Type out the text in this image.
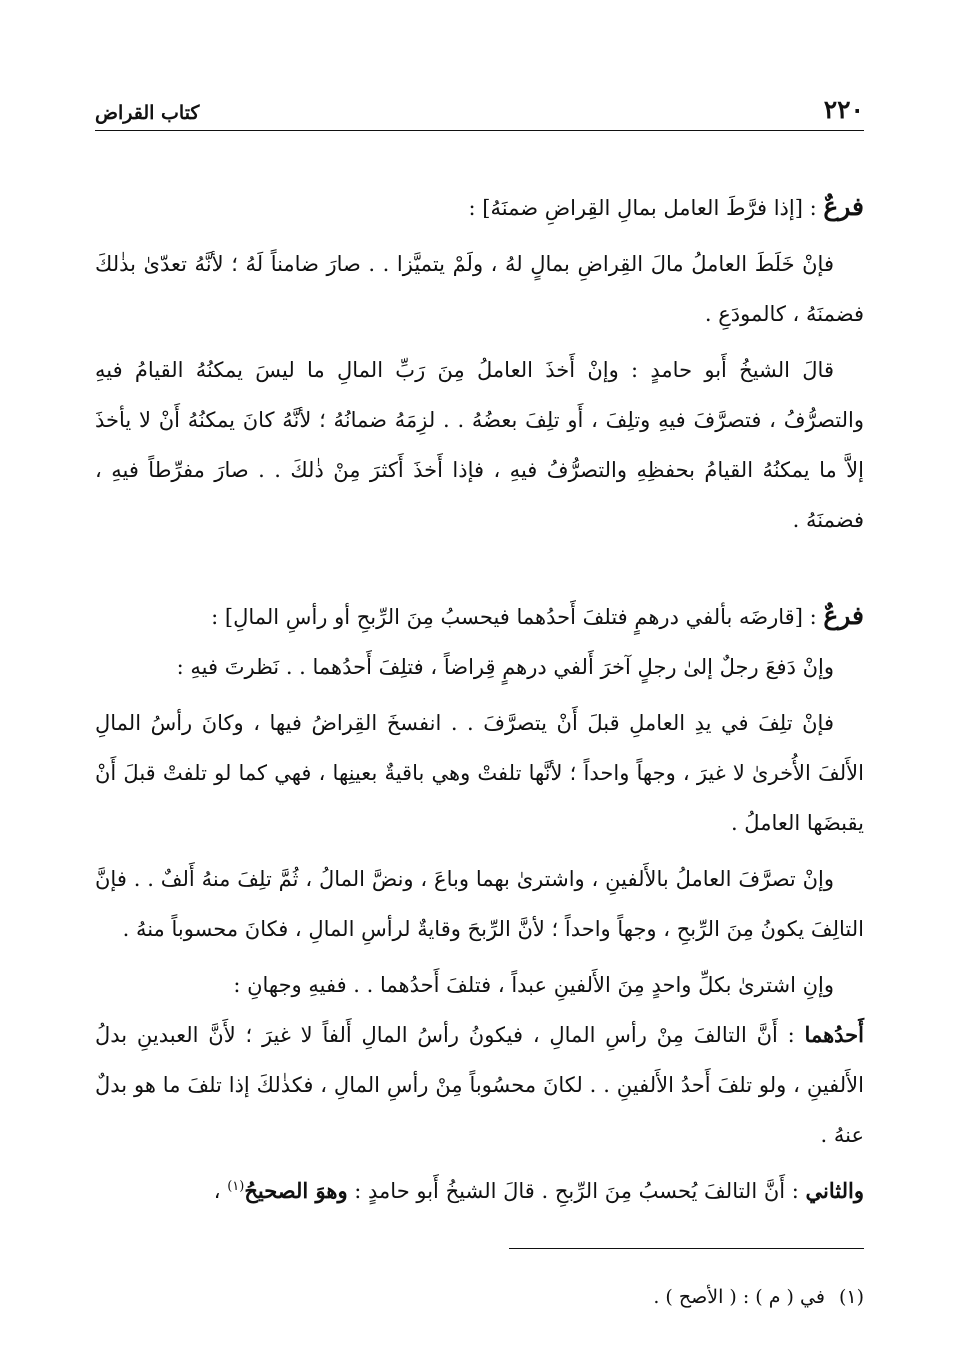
٢٢٠
كتاب القراض

فرعٌ : [إذا فرَّطَ العامل بمالِ القِراضِ ضمنَهُ] :

فإنْ خَلَطَ العاملُ مالَ القِراضِ بمالٍ لهُ ، ولَمْ يتميَّزا . . صارَ ضامناً لَهُ ؛ لأنَّهُ تعدّىٰ بذٰلكَ فضمنَهُ ، كالمودَعِ .

قالَ الشيخُ أَبو حامدٍ : وإنْ أَخذَ العاملُ مِنَ رَبِّ المالِ ما ليسَ يمكنُهُ القيامُ فيهِ والتصرُّفُ ، فتصرَّفَ فيهِ وتلِفَ ، أَو تلِفَ بعضُهُ . . لزِمَهُ ضمانُهُ ؛ لأنَّهُ كانَ يمكنُهُ أَنْ لا يأخذَ إلاَّ ما يمكنُهُ القيامُ بحفظِهِ والتصرُّفُ فيهِ ، فإذا أَخذَ أَكثرَ مِنْ ذٰلكَ . . صارَ مفرِّطاً فيهِ ، فضمنَهُ .

فرعٌ : [قارضَه بألفي درهمٍ فتلفَ أَحدُهما فيحسبُ مِنَ الرِّبحِ أو رأسِ المالِ] :

وإنْ دَفعَ رجلٌ إلىٰ رجلٍ آخرَ أَلفي درهمٍ قِراضاً ، فتلِفَ أَحدُهما . . نَظرتَ فيهِ :

فإنْ تلِفَ في يدِ العاملِ قبلَ أَنْ يتصرَّفَ . . انفسخَ القِراضُ فيها ، وكانَ رأسُ المالِ الأَلفَ الأُخرىٰ لا غيرَ ، وجهاً واحداً ؛ لأنَّها تلفتْ وهي باقيةٌ بعينِها ، فهي كما لو تلفتْ قبلَ أَنْ يقبضَها العاملُ .

وإنْ تصرَّفَ العاملُ بالأَلفينِ ، واشترىٰ بهما وباعَ ، ونضَّ المالُ ، ثُمَّ تلِفَ منهُ أَلفٌ . . فإنَّ التالِفَ يكونُ مِنَ الرِّبحِ ، وجهاً واحداً ؛ لأنَّ الرِّبحَ وقايةٌ لرأسِ المالِ ، فكانَ محسوباً منهُ .

وإنِ اشترىٰ بكلِّ واحدٍ مِنَ الأَلفينِ عبداً ، فتلفَ أَحدُهما . . ففيهِ وجهانِ :

أَحدُهما : أَنَّ التالفَ مِنْ رأسِ المالِ ، فيكونُ رأسُ المالِ أَلفاً لا غيرَ ؛ لأَنَّ العبدينِ بدلُ الأَلفينِ ، ولو تلفَ أَحدُ الأَلفينِ . . لكانَ محسُوباً مِنْ رأسِ المالِ ، فكذٰلكَ إذا تلفَ ما هو بدلٌ عنهُ .

والثاني : أَنَّ التالفَ يُحسبُ مِنَ الرِّبحِ . قالَ الشيخُ أَبو حامدٍ : وهوَ الصحيحُ$^{(١)}$ ،

(١)في ( م ) : ( الأصح ) .
